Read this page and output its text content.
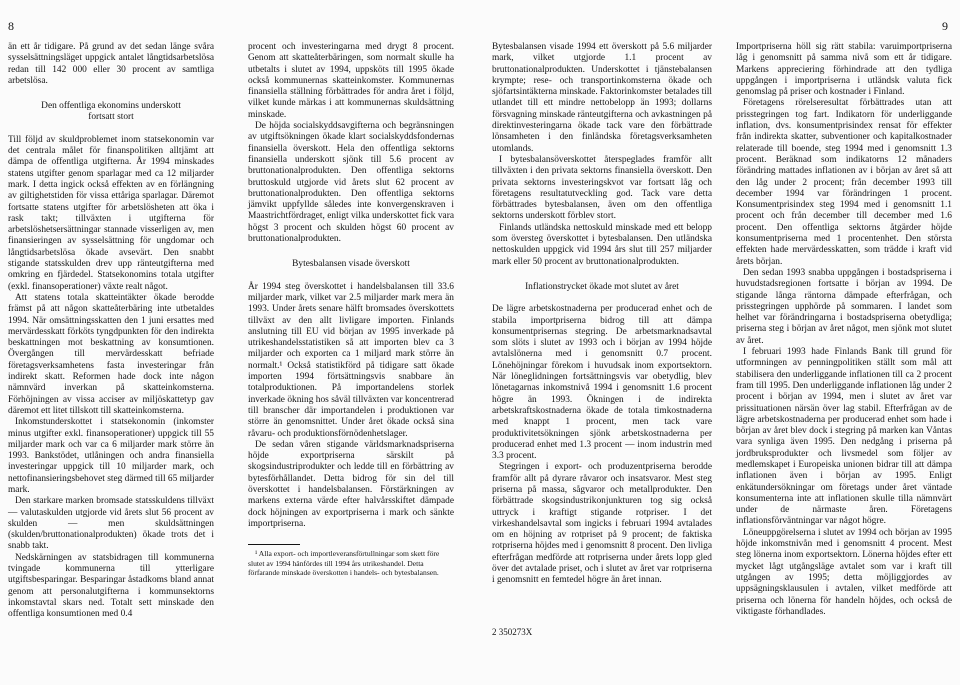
8	9

än ett år tidigare. På grund av det sedan länge svåra sysselsättningsläget uppgick antalet långtidsarbetslösa redan till 142 000 eller 30 procent av samtliga arbetslösa.

Den offentliga ekonomins underskott
fortsatt stort

Till följd av skuldproblemet inom statsekonomin var det centrala målet för finanspolitiken alltjämt att dämpa de offentliga utgifterna. År 1994 minskades statens utgifter genom sparlagar med ca 12 miljarder mark. I detta ingick också effekten av en förlängning av giltighetstiden för vissa ettåriga sparlagar. Däremot fortsatte statens utgifter för arbetslösheten att öka i rask takt; tillväxten i utgifterna för arbetslöshetsersättningar stannade visserligen av, men finansieringen av sysselsättning för ungdomar och långtidsarbetslösa ökade avsevärt. Den snabbt stigande statsskulden drev upp ränteutgifterna med omkring en fjärdedel. Statsekonomins totala utgifter (exkl. finansoperationer) växte realt något.

Att statens totala skatteintäkter ökade berodde främst på att någon skatteåterbäring inte utbetaldes 1994. När omsättningsskatten den 1 juni ersattes med mervärdesskatt förköts tyngdpunkten för den indirekta beskattningen mot beskattning av konsumtionen. Övergången till mervärdesskatt befriade företagsverksamhetens fasta investeringar från indirekt skatt. Reformen hade dock inte någon nämnvärd inverkan på skatteinkomsterna. Förhöjningen av vissa acciser av miljöskattetyp gav däremot ett litet tillskott till skatteinkomsterna.

Inkomstunderskottet i statsekonomin (inkomster minus utgifter exkl. finansoperationer) uppgick till 55 miljarder mark och var ca 6 miljarder mark större än 1993. Bankstödet, utlåningen och andra finansiella investeringar uppgick till 10 miljarder mark, och nettofinansieringsbehovet steg därmed till 65 miljarder mark.

Den starkare marken bromsade statsskuldens tillväxt — valutaskulden utgjorde vid årets slut 56 procent av skulden — men skuldsättningen (skulden/bruttonationalprodukten) ökade trots det i snabb takt.

Nedskärningen av statsbidragen till kommunerna tvingade kommunerna till ytterligare utgiftsbesparingar. Besparingar åstadkoms bland annat genom att personalutgifterna i kommunsektorns inkomstavtal skars ned. Totalt sett minskade den offentliga konsumtionen med 0.4

procent och investeringarna med drygt 8 procent. Genom att skatteåterbäringen, som normalt skulle ha utbetalts i slutet av 1994, uppsköts till 1995 ökade också kommunernas skatteinkomster. Kommunernas finansiella ställning förbättrades för andra året i följd, vilket kunde märkas i att kommunernas skuldsättning minskade.

De höjda socialskyddsavgifterna och begränsningen av utgiftsökningen ökade klart socialskyddsfondernas finansiella överskott. Hela den offentliga sektorns finansiella underskott sjönk till 5.6 procent av bruttonationalprodukten. Den offentliga sektorns bruttoskuld utgjorde vid årets slut 62 procent av bruttonationalprodukten. Den offentliga sektorns jämvikt uppfyllde således inte konvergenskraven i Maastrichtfördraget, enligt vilka underskottet fick vara högst 3 procent och skulden högst 60 procent av bruttonationalprodukten.

Bytesbalansen visade överskott

År 1994 steg överskottet i handelsbalansen till 33.6 miljarder mark, vilket var 2.5 miljarder mark mera än 1993. Under årets senare hälft bromsades överskottets tillväxt av den allt livligare importen. Finlands anslutning till EU vid början av 1995 inverkade på utrikeshandelsstatistiken så att importen blev ca 3 miljarder och exporten ca 1 miljard mark större än normalt.¹ Också statistikförd på tidigare satt ökade importen 1994 förtsättningsvis snabbare än totalproduktionen. På importandelens storlek inverkade ökning hos såväl tillväxten var koncentrerad till branscher där importandelen i produktionen var större än genomsnittet. Under året ökade också sina råvaru- och produktionsförnödenhetslager.

De sedan våren stigande världsmarknadspriserna höjde exportpriserna särskilt på skogsindustriprodukter och ledde till en förbättring av bytesförhållandet. Detta bidrog för sin del till överskottet i handelsbalansen. Förstärkningen av markens externa värde efter halvårsskiftet dämpade dock höjningen av exportpriserna i mark och sänkte importpriserna.

¹ Alla export- och importleveransförtullningar som skett före slutet av 1994 hänfördes till 1994 års utrikeshandel. Detta förfarande minskade överskotten i handels- och bytesbalansen.

Bytesbalansen visade 1994 ett överskott på 5.6 miljarder mark, vilket utgjorde 1.1 procent av bruttonationalprodukten. Underskottet i tjänstebalansen krympte; rese- och transportinkomsterna ökade och sjöfartsintäkterna minskade. Faktorinkomster betalades till utlandet till ett mindre nettobelopp än 1993; dollarns försvagning minskade ränteutgifterna och avkastningen på direktinvesteringarna ökade tack vare den förbättrade lönsamheten i den finländska företagsverksamheten utomlands.

I bytesbalansöverskottet återspeglades framför allt tillväxten i den privata sektorns finansiella överskott. Den privata sektorns investeringskvot var fortsatt låg och företagens resultatutveckling god. Tack vare detta förbättrades bytesbalansen, även om den offentliga sektorns underskott förblev stort.

Finlands utländska nettoskuld minskade med ett belopp som översteg överskottet i bytesbalansen. Den utländska nettoskulden uppgick vid 1994 års slut till 257 miljarder mark eller 50 procent av bruttonationalprodukten.

Inflationstrycket ökade mot slutet av året

De lägre arbetskostnaderna per producerad enhet och de stabila importpriserna bidrog till att dämpa konsumentprisernas stegring. De arbetsmarknadsavtal som slöts i slutet av 1993 och i början av 1994 höjde avtalslönerna med i genomsnitt 0.7 procent. Lönehöjningar förekom i huvudsak inom exportsektorn. När löneglidningen fortsättningsvis var obetydlig, blev lönetagarnas inkomstnivå 1994 i genomsnitt 1.6 procent högre än 1993. Ökningen i de indirekta arbetskraftskostnaderna ökade de totala timkostnaderna med knappt 1 procent, men tack vare produktivitetsökningen sjönk arbetskostnaderna per producerad enhet med 1.3 procent — inom industrin med 3.3 procent.

Stegringen i export- och produzentpriserna berodde framför allt på dyrare råvaror och insatsvaror. Mest steg priserna på massa, sågvaror och metallprodukter. Den förbättrade skogsindustrikonjunkturen tog sig också uttryck i kraftigt stigande rotpriser. I det virkeshandelsavtal som ingicks i februari 1994 avtalades om en höjning av rotpriset på 9 procent; de faktiska rotpriserna höjdes med i genomsnitt 8 procent. Den livliga efterfrågan medförde att rotpriserna under årets lopp gled över det avtalade priset, och i slutet av året var rotpriserna i genomsnitt en femtedel högre än året innan.

Importpriserna höll sig rätt stabila: varuimportpriserna låg i genomsnitt på samma nivå som ett år tidigare. Markens appreciering förhindrade att den tydliga uppgången i importpriserna i utländsk valuta fick genomslag på priser och kostnader i Finland.

Företagens rörelseresultat förbättrades utan att prisstegringen tog fart. Indikatorn för underliggande inflation, dvs. konsumentprisindex rensat för effekter från indirekta skatter, subventioner och kapitalkostnader relaterade till boende, steg 1994 med i genomsnitt 1.3 procent. Beräknad som indikatorns 12 månaders förändring mattades inflationen av i början av året så att den låg under 2 procent; från december 1993 till december 1994 var förändringen 1 procent. Konsumentprisindex steg 1994 med i genomsnitt 1.1 procent och från december till december med 1.6 procent. Den offentliga sektorns åtgärder höjde konsumentpriserna med 1 procentenhet. Den största effekten hade mervärdesskatten, som trädde i kraft vid årets början.

Den sedan 1993 snabba uppgången i bostadspriserna i huvudstadsregionen fortsatte i början av 1994. De stigande långa räntorna dämpade efterfrågan, och prisstegringen upphörde på sommaren. I landet som helhet var förändringarna i bostadspriserna obetydliga; priserna steg i början av året något, men sjönk mot slutet av året.

I februari 1993 hade Finlands Bank till grund för utformningen av penningpolitiken ställt som mål att stabilisera den underliggande inflationen till ca 2 procent fram till 1995. Den underliggande inflationen låg under 2 procent i början av 1994, men i slutet av året var prissituationen närsän över lag stabil. Efterfrågan av de lägre arbetskostnaderna per producerad enhet som hade i början av året blev dock i stegring på marken kan Våntas vara synliga även 1995. Den nedgång i priserna på jordbruksprodukter och livsmedel som följer av medlemskapet i Europeiska unionen bidrar till att dämpa inflationen även i början av 1995. Enligt enkätundersökningar om företags under året väntade konsumenterna inte att inflationen skulle tilla nämnvärt under de närmaste åren. Företagens inflationsförväntningar var något högre.

Löneuppgörelserna i slutet av 1994 och början av 1995 höjde inkomstnivån med i genomsnitt 4 procent. Mest steg lönerna inom exportsektorn. Lönerna höjdes efter ett mycket lågt utgångsläge avtalet som var i kraft till utgången av 1995; detta möjliggjordes av uppsägningsklausulen i avtalen, vilket medförde att priserna och lönerna för handeln höjdes, och också de viktigaste förhandlades.

2 350273X
